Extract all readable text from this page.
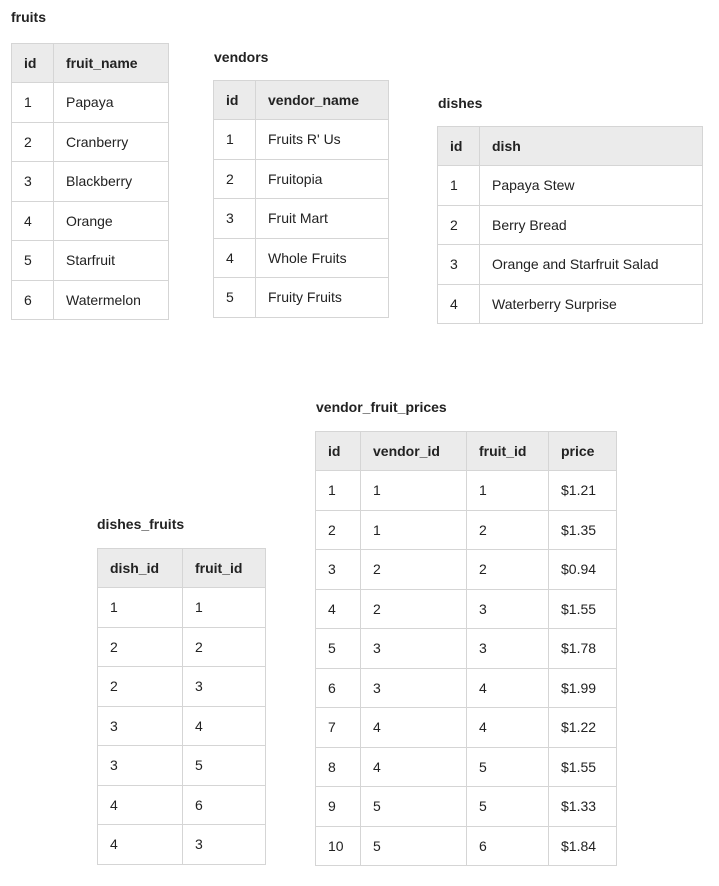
fruits
id	fruit_name
1	Papaya
2	Cranberry
3	Blackberry
4	Orange
5	Starfruit
6	Watermelon
vendors
id	vendor_name
1	Fruits R' Us
2	Fruitopia
3	Fruit Mart
4	Whole Fruits
5	Fruity Fruits
dishes
id	dish
1	Papaya Stew
2	Berry Bread
3	Orange and Starfruit Salad
4	Waterberry Surprise
vendor_fruit_prices
id	vendor_id	fruit_id	price
1	1	1	$1.21
2	1	2	$1.35
3	2	2	$0.94
4	2	3	$1.55
5	3	3	$1.78
6	3	4	$1.99
7	4	4	$1.22
8	4	5	$1.55
9	5	5	$1.33
10	5	6	$1.84
dishes_fruits
dish_id	fruit_id
1	1
2	2
2	3
3	4
3	5
4	6
4	3
